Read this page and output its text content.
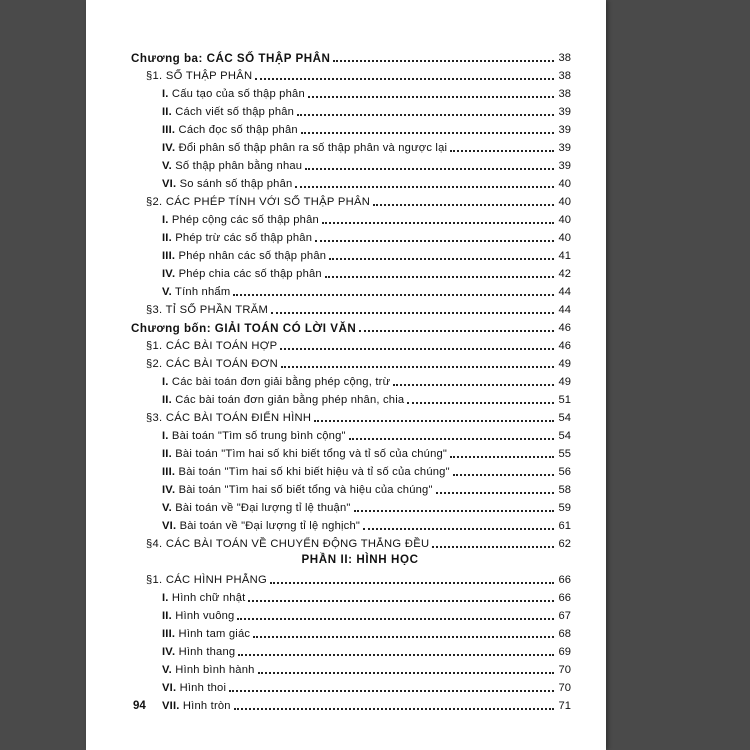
Chương ba: CÁC SỐ THẬP PHÂN	38
§1. SỐ THẬP PHÂN	38
I. Cấu tạo của số thập phân	38
II. Cách viết số thập phân	39
III. Cách đọc số thập phân	39
IV. Đổi phân số thập phân ra số thập phân và ngược lại	39
V. Số thập phân bằng nhau	39
VI. So sánh số thập phân	40
§2. CÁC PHÉP TÍNH VỚI SỐ THẬP PHÂN	40
I. Phép cộng các số thập phân	40
II. Phép trừ các số thập phân	40
III. Phép nhân các số thập phân	41
IV. Phép chia các số thập phân	42
V. Tính nhẩm	44
§3. TỈ SỐ PHẦN TRĂM	44
Chương bốn: GIẢI TOÁN CÓ LỜI VĂN	46
§1. CÁC BÀI TOÁN HỢP	46
§2. CÁC BÀI TOÁN ĐƠN	49
I. Các bài toán đơn giải bằng phép cộng, trừ	49
II. Các bài toán đơn giản bằng phép nhân, chia	51
§3. CÁC BÀI TOÁN ĐIỂN HÌNH	54
I. Bài toán "Tìm số trung bình cộng"	54
II. Bài toán "Tìm hai số khi biết tổng và tỉ số của chúng"	55
III. Bài toán "Tìm hai số khi biết hiệu và tỉ số của chúng"	56
IV. Bài toán "Tìm hai số biết tổng và hiệu của chúng"	58
V. Bài toán về "Đại lượng tỉ lệ thuận"	59
VI. Bài toán về "Đại lượng tỉ lệ nghịch"	61
§4. CÁC BÀI TOÁN VỀ CHUYỂN ĐỘNG THẲNG ĐỀU	62
PHẦN II: HÌNH HỌC
§1. CÁC HÌNH PHẲNG	66
I. Hình chữ nhật	66
II. Hình vuông	67
III. Hình tam giác	68
IV. Hình thang	69
V. Hình bình hành	70
VI. Hình thoi	70
VII. Hình tròn	71
94
